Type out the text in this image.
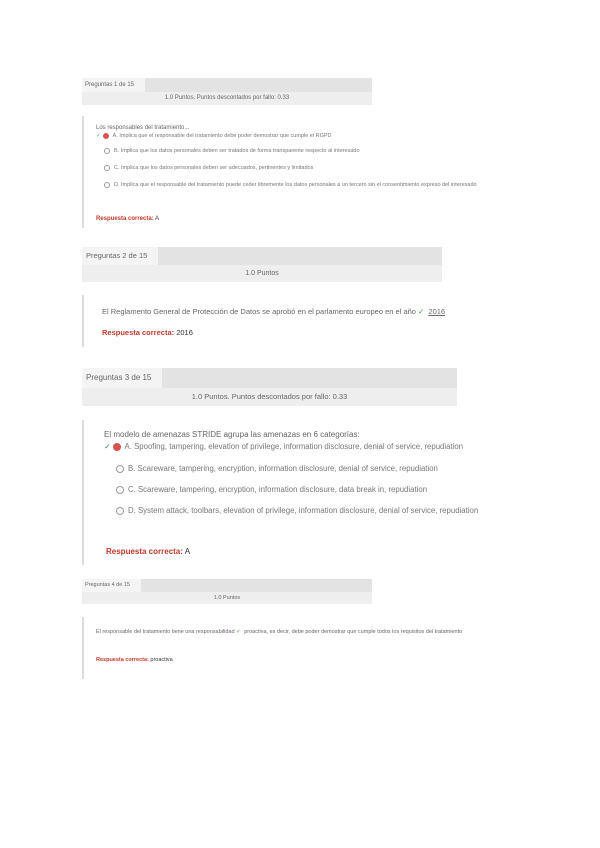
Preguntas 1 de 15
1.0 Puntos. Puntos descontados por fallo: 0.33
Los responsables del tratamiento...
✓ A. Implica que el responsable del tratamiento debe poder demostrar que cumple el RGPD
B. Implica que los datos personales deben ser tratados de forma transparente respecto al interesado
C. Implica que los datos personales deben ser adecuados, pertinentes y limitados
D. Implica que el responsable del tratamiento puede ceder libremente los datos personales a un tercero sin el consentimiento expreso del interesado
Respuesta correcta: A
Preguntas 2 de 15
1.0 Puntos
El Reglamento General de Protección de Datos se aprobó en el parlamento europeo en el año ✓ 2016
Respuesta correcta: 2016
Preguntas 3 de 15
1.0 Puntos. Puntos descontados por fallo: 0.33
El modelo de amenazas STRIDE agrupa las amenazas en 6 categorías:
✓ A. Spoofing, tampering, elevation of privilege, information disclosure, denial of service, repudiation
B. Scareware, tampering, encryption, information disclosure, denial of service, repudiation
C. Scareware, tampering, encryption, information disclosure, data break in, repudiation
D. System attack, toolbars, elevation of privilege, information disclosure, denial of service, repudiation
Respuesta correcta: A
Preguntas 4 de 15
1.0 Puntos
El responsable del tratamiento tiene una responsabilidad ✓ proactiva, es decir, debe poder demostrar que cumple todos los requisitos del tratamiento
Respuesta correcta: proactiva
